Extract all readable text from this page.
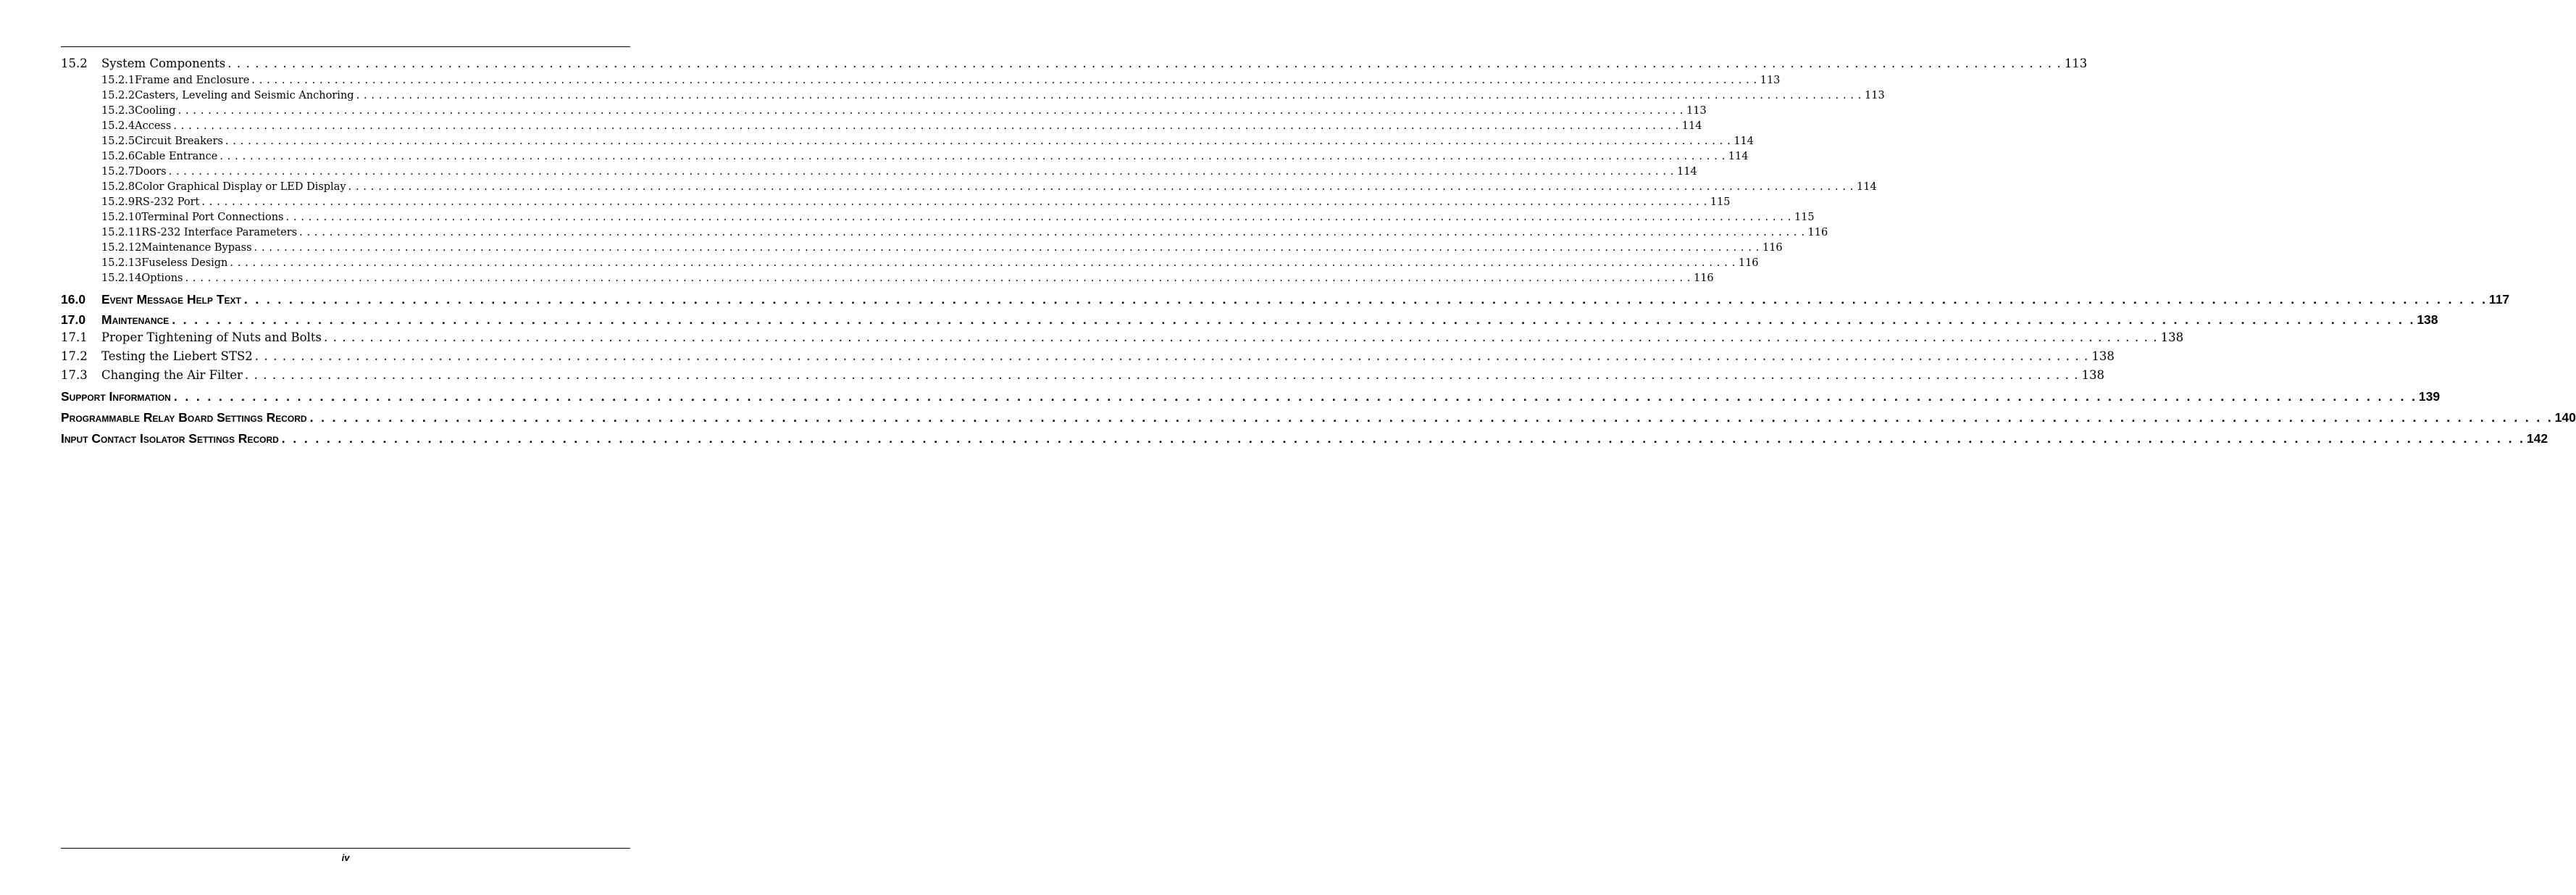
15.2	System Components . . . . . . . . . . . . . . . . . . . . . . . . . . . . . . . . . . . . . . . . . . . . . . . . . . . . . . . . . . . . . . . . . . . . . . . . . . . . . . . . . . . . . . . . . . . . . . . . . . . . . . . . . . . . . . . . . . . . . . . . . . . . . . . . . . . . . . . . . . . . . . . . . . . . . . . . . . . . . . . . . . . . . . . . . . . . . . . . . . . . . . . . . . . . . . . . . . . . . . . . 113
15.2.1 Frame and Enclosure . . . . . . . . . . . . . . . . . . . . . . . . . . . . . . . . . . . . . . . . . . . . . . . . . . . . . . . . . . . . . . . . . . . . . . . . . . . . . . . . . . . . . . . . . . . . . . . . . . . . . . . . . . . . . . . . . . . . . . . . . . . . . . . . . . . . . . . . . . . . . . . . . . . . . . . . . . . . . . . . . . . . . . . . . . . . . . . . . . . . . . . . . . . . . . . . . . . . . . . . 113
15.2.2 Casters, Leveling and Seismic Anchoring . . . . . . . . . . . . . . . . . . . . . . . . . . . . . . . . . . . . . . . . . . . . . . . . . . . . . . . . . . . . . . . . . . . . . . . . . . . . . . . . . . . . . . . . . . . . . . . . . . . . . . . . . . . . . . . . . . . . . . . . . . . . . . . . . . . . . . . . . . . . . . . . . . . . . . . . . . . . . . . . . . . . . . . . . . . . . . . . . . . . . . . . . . . . . . . . . . . . . . . . 113
15.2.3 Cooling . . . . . . . . . . . . . . . . . . . . . . . . . . . . . . . . . . . . . . . . . . . . . . . . . . . . . . . . . . . . . . . . . . . . . . . . . . . . . . . . . . . . . . . . . . . . . . . . . . . . . . . . . . . . . . . . . . . . . . . . . . . . . . . . . . . . . . . . . . . . . . . . . . . . . . . . . . . . . . . . . . . . . . . . . . . . . . . . . . . . . . . . . . . . . . . . . . . . . . . . 113
15.2.4 Access . . . . . . . . . . . . . . . . . . . . . . . . . . . . . . . . . . . . . . . . . . . . . . . . . . . . . . . . . . . . . . . . . . . . . . . . . . . . . . . . . . . . . . . . . . . . . . . . . . . . . . . . . . . . . . . . . . . . . . . . . . . . . . . . . . . . . . . . . . . . . . . . . . . . . . . . . . . . . . . . . . . . . . . . . . . . . . . . . . . . . . . . . . . . . . . . . . . . . . . . 114
15.2.5 Circuit Breakers . . . . . . . . . . . . . . . . . . . . . . . . . . . . . . . . . . . . . . . . . . . . . . . . . . . . . . . . . . . . . . . . . . . . . . . . . . . . . . . . . . . . . . . . . . . . . . . . . . . . . . . . . . . . . . . . . . . . . . . . . . . . . . . . . . . . . . . . . . . . . . . . . . . . . . . . . . . . . . . . . . . . . . . . . . . . . . . . . . . . . . . . . . . . . . . . . . . . . . . . 114
15.2.6 Cable Entrance . . . . . . . . . . . . . . . . . . . . . . . . . . . . . . . . . . . . . . . . . . . . . . . . . . . . . . . . . . . . . . . . . . . . . . . . . . . . . . . . . . . . . . . . . . . . . . . . . . . . . . . . . . . . . . . . . . . . . . . . . . . . . . . . . . . . . . . . . . . . . . . . . . . . . . . . . . . . . . . . . . . . . . . . . . . . . . . . . . . . . . . . . . . . . . . . . . . . . . . . 114
15.2.7 Doors . . . . . . . . . . . . . . . . . . . . . . . . . . . . . . . . . . . . . . . . . . . . . . . . . . . . . . . . . . . . . . . . . . . . . . . . . . . . . . . . . . . . . . . . . . . . . . . . . . . . . . . . . . . . . . . . . . . . . . . . . . . . . . . . . . . . . . . . . . . . . . . . . . . . . . . . . . . . . . . . . . . . . . . . . . . . . . . . . . . . . . . . . . . . . . . . . . . . . . . . 114
15.2.8 Color Graphical Display or LED Display . . . . . . . . . . . . . . . . . . . . . . . . . . . . . . . . . . . . . . . . . . . . . . . . . . . . . . . . . . . . . . . . . . . . . . . . . . . . . . . . . . . . . . . . . . . . . . . . . . . . . . . . . . . . . . . . . . . . . . . . . . . . . . . . . . . . . . . . . . . . . . . . . . . . . . . . . . . . . . . . . . . . . . . . . . . . . . . . . . . . . . . . . . . . . . . . . . . . . . . . 114
15.2.9 RS-232 Port . . . . . . . . . . . . . . . . . . . . . . . . . . . . . . . . . . . . . . . . . . . . . . . . . . . . . . . . . . . . . . . . . . . . . . . . . . . . . . . . . . . . . . . . . . . . . . . . . . . . . . . . . . . . . . . . . . . . . . . . . . . . . . . . . . . . . . . . . . . . . . . . . . . . . . . . . . . . . . . . . . . . . . . . . . . . . . . . . . . . . . . . . . . . . . . . . . . . . . . . 115
15.2.10 Terminal Port Connections . . . . . . . . . . . . . . . . . . . . . . . . . . . . . . . . . . . . . . . . . . . . . . . . . . . . . . . . . . . . . . . . . . . . . . . . . . . . . . . . . . . . . . . . . . . . . . . . . . . . . . . . . . . . . . . . . . . . . . . . . . . . . . . . . . . . . . . . . . . . . . . . . . . . . . . . . . . . . . . . . . . . . . . . . . . . . . . . . . . . . . . . . . . . . . . . . . . . . . . . 115
15.2.11 RS-232 Interface Parameters . . . . . . . . . . . . . . . . . . . . . . . . . . . . . . . . . . . . . . . . . . . . . . . . . . . . . . . . . . . . . . . . . . . . . . . . . . . . . . . . . . . . . . . . . . . . . . . . . . . . . . . . . . . . . . . . . . . . . . . . . . . . . . . . . . . . . . . . . . . . . . . . . . . . . . . . . . . . . . . . . . . . . . . . . . . . . . . . . . . . . . . . . . . . . . . . . . . . . . . . 116
15.2.12 Maintenance Bypass . . . . . . . . . . . . . . . . . . . . . . . . . . . . . . . . . . . . . . . . . . . . . . . . . . . . . . . . . . . . . . . . . . . . . . . . . . . . . . . . . . . . . . . . . . . . . . . . . . . . . . . . . . . . . . . . . . . . . . . . . . . . . . . . . . . . . . . . . . . . . . . . . . . . . . . . . . . . . . . . . . . . . . . . . . . . . . . . . . . . . . . . . . . . . . . . . . . . . . . . 116
15.2.13 Fuseless Design . . . . . . . . . . . . . . . . . . . . . . . . . . . . . . . . . . . . . . . . . . . . . . . . . . . . . . . . . . . . . . . . . . . . . . . . . . . . . . . . . . . . . . . . . . . . . . . . . . . . . . . . . . . . . . . . . . . . . . . . . . . . . . . . . . . . . . . . . . . . . . . . . . . . . . . . . . . . . . . . . . . . . . . . . . . . . . . . . . . . . . . . . . . . . . . . . . . . . . . . 116
15.2.14 Options . . . . . . . . . . . . . . . . . . . . . . . . . . . . . . . . . . . . . . . . . . . . . . . . . . . . . . . . . . . . . . . . . . . . . . . . . . . . . . . . . . . . . . . . . . . . . . . . . . . . . . . . . . . . . . . . . . . . . . . . . . . . . . . . . . . . . . . . . . . . . . . . . . . . . . . . . . . . . . . . . . . . . . . . . . . . . . . . . . . . . . . . . . . . . . . . . . . . . . . . 116
16.0	Event Message Help Text . . . . . . . . . . . . . . . . . . . . . . . . . . . . . . . . . . . . . . . . . . . . . . . . . . . . . . . . . . . . . . . . . . . . . . . . . . . . . . . . . . . . . . . . . . . . . . . . . . . . . . . . . . . . . . . . . . . . . . . . . . . . . . . . . . . . . . . . . . . . . . . . . . . . . . . . . . . . . . . . . . . . . . . . . . . . . . . . . . . . . . . . . . . . . . . . . . . . . . . . 117
17.0	Maintenance . . . . . . . . . . . . . . . . . . . . . . . . . . . . . . . . . . . . . . . . . . . . . . . . . . . . . . . . . . . . . . . . . . . . . . . . . . . . . . . . . . . . . . . . . . . . . . . . . . . . . . . . . . . . . . . . . . . . . . . . . . . . . . . . . . . . . . . . . . . . . . . . . . . . . . . . . . . . . . . . . . . . . . . . . . . . . . . . . . . . . . . . . . . . . . . . . . . . . . . . 138
17.1	Proper Tightening of Nuts and Bolts . . . . . . . . . . . . . . . . . . . . . . . . . . . . . . . . . . . . . . . . . . . . . . . . . . . . . . . . . . . . . . . . . . . . . . . . . . . . . . . . . . . . . . . . . . . . . . . . . . . . . . . . . . . . . . . . . . . . . . . . . . . . . . . . . . . . . . . . . . . . . . . . . . . . . . . . . . . . . . . . . . . . . . . . . . . . . . . . . . . . . . . . . . . . . . . . . . . . . . . . 138
17.2	Testing the Liebert STS2 . . . . . . . . . . . . . . . . . . . . . . . . . . . . . . . . . . . . . . . . . . . . . . . . . . . . . . . . . . . . . . . . . . . . . . . . . . . . . . . . . . . . . . . . . . . . . . . . . . . . . . . . . . . . . . . . . . . . . . . . . . . . . . . . . . . . . . . . . . . . . . . . . . . . . . . . . . . . . . . . . . . . . . . . . . . . . . . . . . . . . . . . . . . . . . . . . . . . . . . . 138
17.3	Changing the Air Filter . . . . . . . . . . . . . . . . . . . . . . . . . . . . . . . . . . . . . . . . . . . . . . . . . . . . . . . . . . . . . . . . . . . . . . . . . . . . . . . . . . . . . . . . . . . . . . . . . . . . . . . . . . . . . . . . . . . . . . . . . . . . . . . . . . . . . . . . . . . . . . . . . . . . . . . . . . . . . . . . . . . . . . . . . . . . . . . . . . . . . . . . . . . . . . . . . . . . . . . . 138
Support Information . . . . . . . . . . . . . . . . . . . . . . . . . . . . . . . . . . . . . . . . . . . . . . . . . . . . . . . . . . . . . . . . . . . . . . . . . . . . . . . . . . . . . . . . . . . . . . . . . . . . . . . . . . . . . . . . . . . . . . . . . . . . . . . . . . . . . . . . . . . . . . . . . . . . . . . . . . . . . . . . . . . . . . . . . . . . . . . . . . . . . . . . . . . . . . . . . . . . . . . . 139
Programmable Relay Board Settings Record . . . . . . . . . . . . . . . . . . . . . . . . . . . . . . . . . . . . . . . . . . . . . . . . . . . . . . . . . . . . . . . . . . . . . . . . . . . . . . . . . . . . . . . . . . . . . . . . . . . . . . . . . . . . . . . . . . . . . . . . . . . . . . . . . . . . . . . . . . . . . . . . . . . . . . . . . . . . . . . . . . . . . . . . . . . . . . . . . . . . . . . . . . . . . . . . . . . . . . . . 140
Input Contact Isolator Settings Record . . . . . . . . . . . . . . . . . . . . . . . . . . . . . . . . . . . . . . . . . . . . . . . . . . . . . . . . . . . . . . . . . . . . . . . . . . . . . . . . . . . . . . . . . . . . . . . . . . . . . . . . . . . . . . . . . . . . . . . . . . . . . . . . . . . . . . . . . . . . . . . . . . . . . . . . . . . . . . . . . . . . . . . . . . . . . . . . . . . . . . . . . . . . . . . . . . . . . . . . 142
iv
